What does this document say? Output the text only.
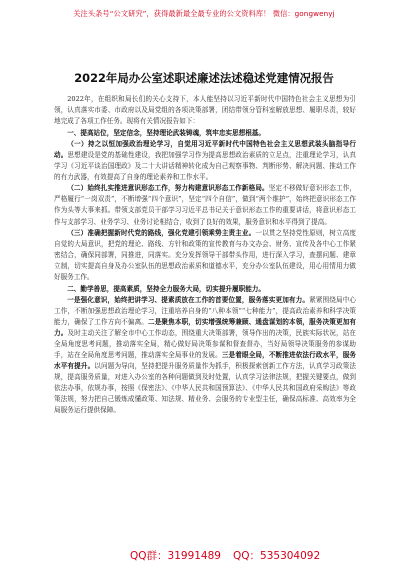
关注头条号“公文研究”，获得最新最全最专业的公文资料库！ 微信：gongwenyj
2022年局办公室述职述廉述法述稳述党建情况报告

2022年，在组织和局长们的关心支持下，本人能坚持以习近平新时代中国特色社会主义思想为引领，认真落实市委、市政府以及局党组的各项决策部署，团结带领分管科室解放思想、履职尽责，较好地完成了各项工作任务。现将有关情况报告如下：

一、提高站位，坚定信念，坚持理论武装铸魂，筑牢忠实思想根基。

（一）持之以恒加强政治理论学习，自觉用习近平新时代中国特色社会主义思想武装头脑指导行动。思想建设是党的基础性建设，我把加强学习作为提高思想政治素质的立足点，注重理论学习，认真学习《习近平谈治国理政》及二十大讲话精神转化成为自己观察事物、判断形势、解决问题、推动工作的有力武器，有效提高了自身的理论素养和工作水平。

（二）始终扎实推进意识形态工作，努力构建意识形态工作新格局。坚定不移做好意识形态工作，严格履行“一岗双责”，不断增强“四个意识”，坚定“四个自信”，做到“两个维护”，始终把意识形态工作作为头等大事来抓。带领支部党员干部学习习近平总书记关于意识形态工作的重要讲话，将意识形态工作与支部学习、业务学习、业务讨论相结合，收到了良好的效果，服务意识和水平得到了提高。

（三）准确把握新时代党的路线，强化党建引领乘势主责主业。一以贯之坚持党性原则，树立高度自觉的大局意识，把党的理论、路线、方针和政策的宣传教育与办文办会、财务、宣传及各中心工作紧密结合，确保同部署，同推进，同落实。充分发挥领导干部带头作用，进行深入学习，查摆问题、建章立制，切实提高自身及办公室队伍的思想政治素质和道德水平，充分办公室队伍建设，用心用情用力做好服务工作。

二、勤学善思，提高素质，坚持全力服务大局，切实提升履职能力。

一是强化意识，始终把讲学习、提素质放在工作的首要位置，服务落实更加有力。紧紧围绕局中心工作，不断加强思想政治理论学习，注重培养自身的“八种本领”“七种能力”，提高政治素养和科学决策能力，确保了工作方向不偏离。二是聚焦本职，切实增强统筹兼顾、通盘谋划的本领，服务决策更加有力。及时主动关注了解全市中心工作动态，围绕重大决策部署，领导作出的决策，民族实际状况，站在全局角度思考问题，推动落实全局，精心做好局决策参谋和督查督办，当好局领导决策服务的参谋助手，站在全局角度思考问题，推动落实全局事业的发展。三是着眼全局，不断推进依法行政水平，服务水平有提升。以问题为导向，坚持把提升服务质量作为抓手，积极探索创新工作方法，认真学习政策法规，提高服务质量，对进入办公室的各种问题做到及时处置，认真学习法律法规，把握关键要点，做到依法办事，依规办事，按照《保密法》、《中华人民共和国预算法》、《中华人民共和国政府采购法》等政策法规，努力把自己锻炼成懂政策、知法规、精业务、会服务的专业型主任，确保高标准、高效率为全局服务运行提供保障。

QQ群：31991489 QQ：535304092
